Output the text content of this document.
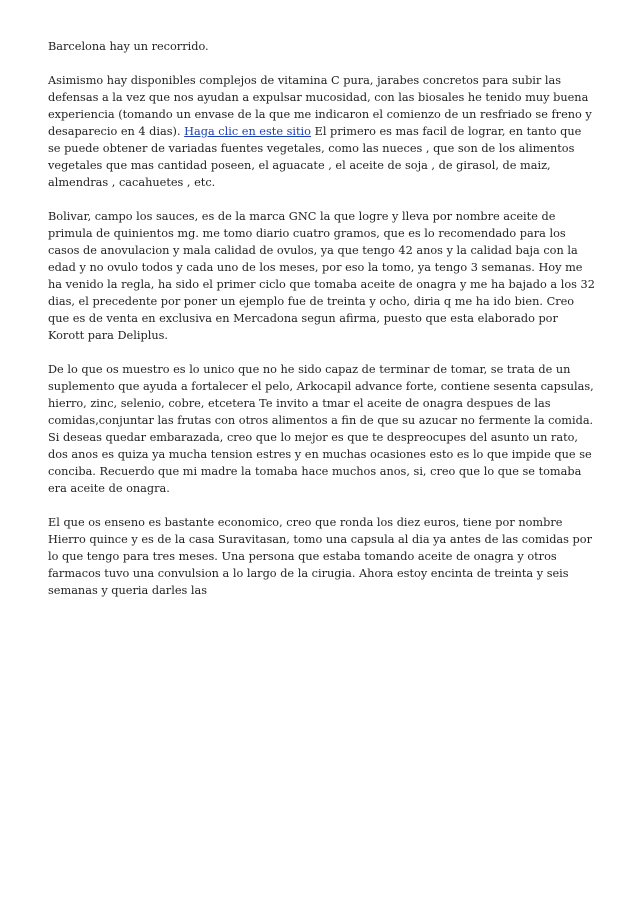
Barcelona hay un recorrido.

Asimismo hay disponibles complejos de vitamina C pura, jarabes concretos para subir las defensas a la vez que nos ayudan a expulsar mucosidad, con las biosales he tenido muy buena experiencia (tomando un envase de la que me indicaron el comienzo de un resfriado se freno y desaparecio en 4 dias). Haga clic en este sitio El primero es mas facil de lograr, en tanto que se puede obtener de variadas fuentes vegetales, como las nueces , que son de los alimentos vegetales que mas cantidad poseen, el aguacate , el aceite de soja , de girasol, de maiz, almendras , cacahuetes , etc.

Bolivar, campo los sauces, es de la marca GNC la que logre y lleva por nombre aceite de primula de quinientos mg. me tomo diario cuatro gramos, que es lo recomendado para los casos de anovulacion y mala calidad de ovulos, ya que tengo 42 anos y la calidad baja con la edad y no ovulo todos y cada uno de los meses, por eso la tomo, ya tengo 3 semanas. Hoy me ha venido la regla, ha sido el primer ciclo que tomaba aceite de onagra y me ha bajado a los 32 dias, el precedente por poner un ejemplo fue de treinta y ocho, diria q me ha ido bien. Creo que es de venta en exclusiva en Mercadona segun afirma, puesto que esta elaborado por Korott para Deliplus.

De lo que os muestro es lo unico que no he sido capaz de terminar de tomar, se trata de un suplemento que ayuda a fortalecer el pelo, Arkocapil advance forte, contiene sesenta capsulas, hierro, zinc, selenio, cobre, etcetera Te invito a tmar el aceite de onagra despues de las comidas,conjuntar las frutas con otros alimentos a fin de que su azucar no fermente la comida. Si deseas quedar embarazada, creo que lo mejor es que te despreocupes del asunto un rato, dos anos es quiza ya mucha tension estres y en muchas ocasiones esto es lo que impide que se conciba. Recuerdo que mi madre la tomaba hace muchos anos, si, creo que lo que se tomaba era aceite de onagra.

El que os enseno es bastante economico, creo que ronda los diez euros, tiene por nombre Hierro quince y es de la casa Suravitasan, tomo una capsula al dia ya antes de las comidas por lo que tengo para tres meses. Una persona que estaba tomando aceite de onagra y otros farmacos tuvo una convulsion a lo largo de la cirugia. Ahora estoy encinta de treinta y seis semanas y queria darles las
